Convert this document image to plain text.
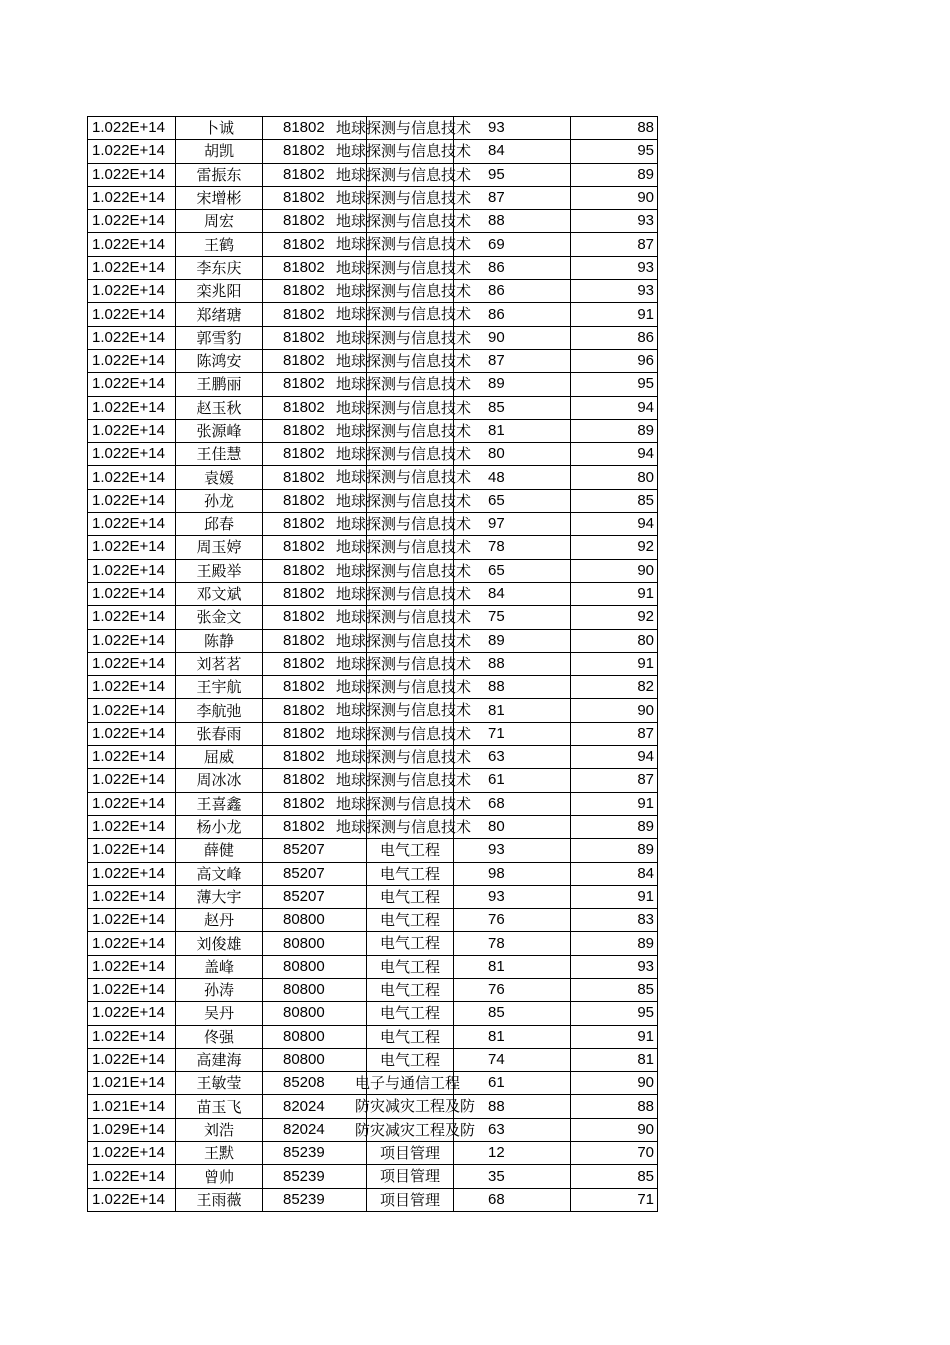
1.022E+14	卜诚	81802	地球探测与信息技术	93	88
1.022E+14	胡凯	81802	地球探测与信息技术	84	95
1.022E+14	雷振东	81802	地球探测与信息技术	95	89
1.022E+14	宋增彬	81802	地球探测与信息技术	87	90
1.022E+14	周宏	81802	地球探测与信息技术	88	93
1.022E+14	王鹤	81802	地球探测与信息技术	69	87
1.022E+14	李东庆	81802	地球探测与信息技术	86	93
1.022E+14	栾兆阳	81802	地球探测与信息技术	86	93
1.022E+14	郑绪瑭	81802	地球探测与信息技术	86	91
1.022E+14	郭雪豹	81802	地球探测与信息技术	90	86
1.022E+14	陈鸿安	81802	地球探测与信息技术	87	96
1.022E+14	王鹏丽	81802	地球探测与信息技术	89	95
1.022E+14	赵玉秋	81802	地球探测与信息技术	85	94
1.022E+14	张源峰	81802	地球探测与信息技术	81	89
1.022E+14	王佳慧	81802	地球探测与信息技术	80	94
1.022E+14	袁媛	81802	地球探测与信息技术	48	80
1.022E+14	孙龙	81802	地球探测与信息技术	65	85
1.022E+14	邱春	81802	地球探测与信息技术	97	94
1.022E+14	周玉婷	81802	地球探测与信息技术	78	92
1.022E+14	王殿举	81802	地球探测与信息技术	65	90
1.022E+14	邓文斌	81802	地球探测与信息技术	84	91
1.022E+14	张金文	81802	地球探测与信息技术	75	92
1.022E+14	陈静	81802	地球探测与信息技术	89	80
1.022E+14	刘茗茗	81802	地球探测与信息技术	88	91
1.022E+14	王宇航	81802	地球探测与信息技术	88	82
1.022E+14	李航弛	81802	地球探测与信息技术	81	90
1.022E+14	张春雨	81802	地球探测与信息技术	71	87
1.022E+14	屈威	81802	地球探测与信息技术	63	94
1.022E+14	周冰冰	81802	地球探测与信息技术	61	87
1.022E+14	王喜鑫	81802	地球探测与信息技术	68	91
1.022E+14	杨小龙	81802	地球探测与信息技术	80	89
1.022E+14	薛健	85207	电气工程	93	89
1.022E+14	高文峰	85207	电气工程	98	84
1.022E+14	薄大宇	85207	电气工程	93	91
1.022E+14	赵丹	80800	电气工程	76	83
1.022E+14	刘俊雄	80800	电气工程	78	89
1.022E+14	盖峰	80800	电气工程	81	93
1.022E+14	孙涛	80800	电气工程	76	85
1.022E+14	吴丹	80800	电气工程	85	95
1.022E+14	佟强	80800	电气工程	81	91
1.022E+14	高建海	80800	电气工程	74	81
1.021E+14	王敏莹	85208	电子与通信工程	61	90
1.021E+14	苗玉飞	82024	防灾减灾工程及防	88	88
1.029E+14	刘浩	82024	防灾减灾工程及防	63	90
1.022E+14	王默	85239	项目管理	12	70
1.022E+14	曾帅	85239	项目管理	35	85
1.022E+14	王雨薇	85239	项目管理	68	71
